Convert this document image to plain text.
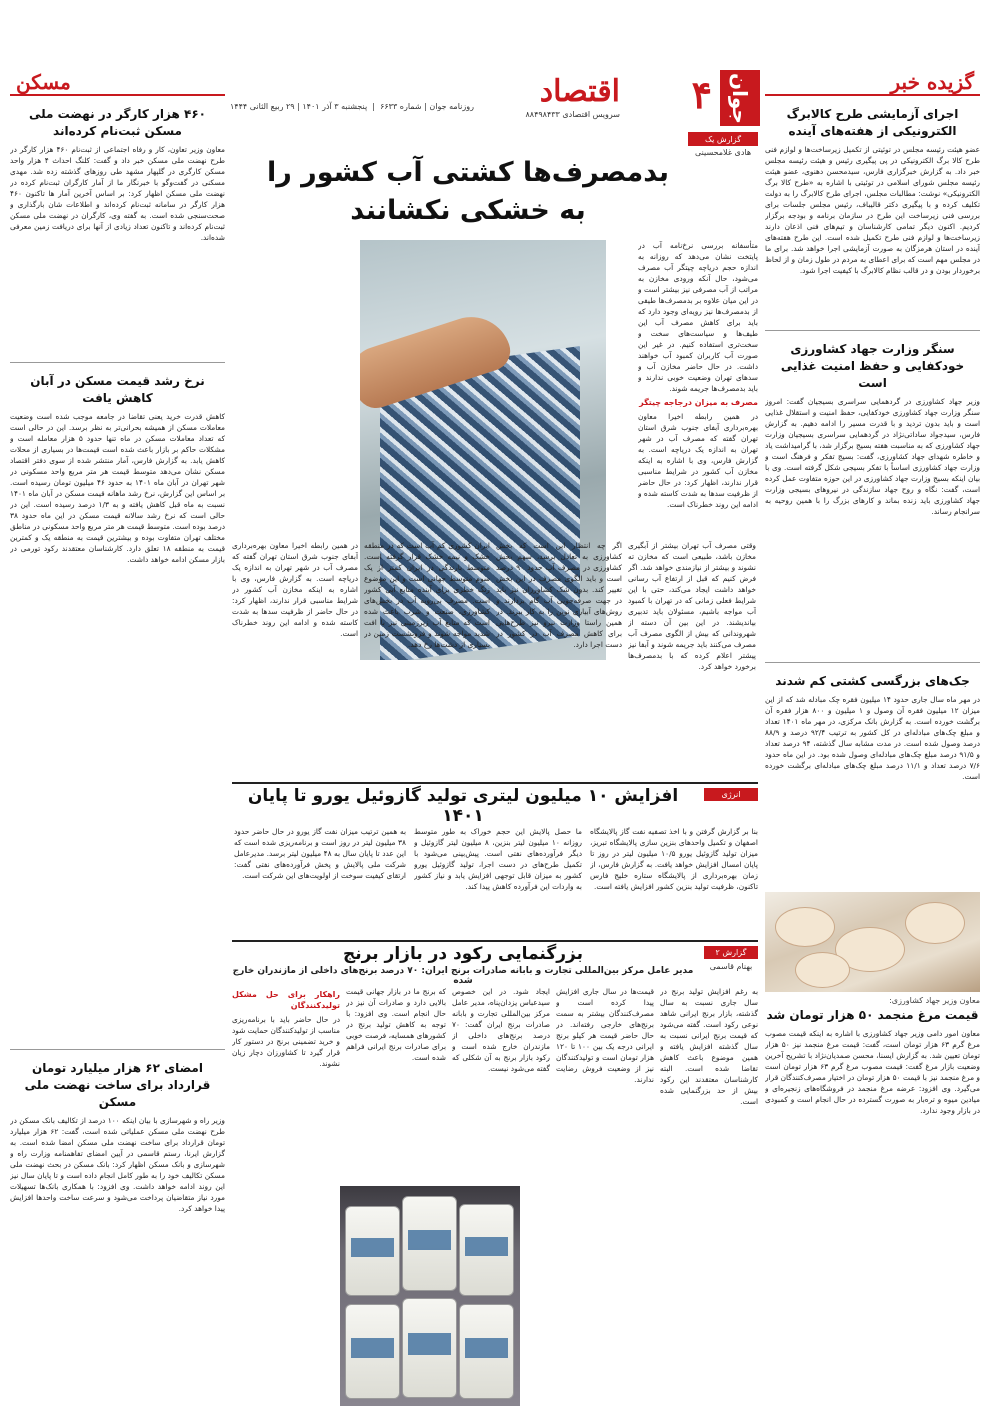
جوان
۴
اقتصاد
روزنامه جوان | شماره ۶۶۳۳  |  پنجشنبه ۳ آذر ۱۴۰۱ | ۲۹ ربیع الثانی ۱۴۴۴
سرویس اقتصادی ۸۸۴۹۸۴۳۳
گزیده خبر
اجرای آزمایشی طرح کالابرگ الکترونیکی از هفته‌های آینده
عضو هیئت رئیسه مجلس در توئیتی از تکمیل زیرساخت‌ها و لوازم فنی طرح کالا برگ الکترونیکی در پی پیگیری رئیس و هیئت رئیسه مجلس خبر داد. به گزارش خبرگزاری فارس، سیدمحسن دهنوی، عضو هیئت رئیسه مجلس شورای اسلامی در توئیتی با اشاره به «طرح کالا برگ الکترونیکی» نوشت: مطالبات مجلس، اجرای طرح کالابرگ را به دولت تکلیف کرده و با پیگیری دکتر قالیباف، رئیس مجلس جلسات برای بررسی فنی زیرساخت این طرح در سازمان برنامه و بودجه برگزار کردیم. اکنون دیگر تمامی کارشناسان و تیم‌های فنی اذعان دارند زیرساخت‌ها و لوازم فنی طرح تکمیل شده است. این طرح هفته‌های آینده در استان هرمزگان به صورت آزمایشی اجرا خواهد شد. برای ما در مجلس مهم است که برای اعطای به مردم در طول زمان و از لحاظ برخوردار بودن و در قالب نظام کالابرگ با کیفیت اجرا شود.
سنگر وزارت جهاد کشاورزی خودکفایی و حفظ امنیت غذایی است
وزیر جهاد کشاورزی در گردهمایی سراسری بسیجیان گفت: امروز سنگر وزارت جهاد کشاورزی خودکفایی، حفظ امنیت و استقلال غذایی است و باید بدون تردید و با قدرت مسیر را ادامه دهیم. به گزارش فارس، سیدجواد ساداتی‌نژاد در گردهمایی سراسری بسیجیان وزارت جهاد کشاورزی که به مناسبت هفته بسیج برگزار شد، با گرامیداشت یاد و خاطره شهدای جهاد کشاورزی، گفت: بسیج تفکر و فرهنگ است و وزارت جهاد کشاورزی اساساً با تفکر بسیجی شکل گرفته است. وی با بیان اینکه بسیج وزارت جهاد کشاورزی در این حوزه متفاوت عمل کرده است، گفت: نگاه و روح جهاد سازندگی در نیروهای بسیجی وزارت جهاد کشاورزی باید زنده بماند و کارهای بزرگ را با همین روحیه به سرانجام رساند.
جک‌های بزرگسی کشتی کم شدند
در مهر ماه سال جاری حدود ۱۴ میلیون فقره چک مبادله شد که از این میزان ۱۲ میلیون فقره آن وصول و ۱ میلیون و ۸۰۰ هزار فقره آن برگشت خورده است. به گزارش بانک مرکزی، در مهر ماه ۱۴۰۱ تعداد و مبلغ چک‌های مبادله‌ای در کل کشور به ترتیب ۹۲/۴ درصد و ۸۸/۹ درصد وصول شده است. در مدت مشابه سال گذشته، ۹۴ درصد تعداد و ۹۱/۵ درصد مبلغ چک‌های مبادله‌ای وصول شده بود. در این ماه حدود ۷/۶ درصد تعداد و ۱۱/۱ درصد مبلغ چک‌های مبادله‌ای برگشت خورده است.
معاون وزیر جهاد کشاورزی:
قیمت مرغ منجمد ۵۰ هزار تومان شد
معاون امور دامی وزیر جهاد کشاورزی با اشاره به اینکه قیمت مصوب مرغ گرم ۶۳ هزار تومان است، گفت: قیمت مرغ منجمد نیز ۵۰ هزار تومان تعیین شد. به گزارش ایسنا، محسن صمدیان‌نژاد با تشریح آخرین وضعیت بازار مرغ گفت: قیمت مصوب مرغ گرم ۶۳ هزار تومان است و مرغ منجمد نیز با قیمت ۵۰ هزار تومان در اختیار مصرف‌کنندگان قرار می‌گیرد. وی افزود: عرضه مرغ منجمد در فروشگاه‌های زنجیره‌ای و میادین میوه و تره‌بار به صورت گسترده در حال انجام است و کمبودی در بازار وجود ندارد.
مسکن
۴۶۰ هزار کارگر در نهضت ملی مسکن ثبت‌نام کرده‌اند
معاون وزیر تعاون، کار و رفاه اجتماعی از ثبت‌نام ۴۶۰ هزار کارگر در طرح نهضت ملی مسکن خبر داد و گفت: کلنگ احداث ۴ هزار واحد مسکن کارگری در گلپهار مشهد طی روزهای گذشته زده شد. مهدی مسکنی در گفت‌وگو با خبرنگار ما از آمار کارگران ثبت‌نام کرده در نهضت ملی مسکن اظهار کرد: بر اساس آخرین آمار ها تاکنون ۴۶۰ هزار کارگر در سامانه ثبت‌نام کرده‌اند و اطلاعات شان بارگذاری و صحت‌سنجی شده است. به گفته وی، کارگران در نهضت ملی مسکن ثبت‌نام کرده‌اند و تاکنون تعداد زیادی از آنها برای دریافت زمین معرفی شده‌اند.
نرخ رشد قیمت مسکن در آبان کاهش یافت
کاهش قدرت خرید یعنی تقاضا در جامعه موجب شده است وضعیت معاملات مسکن از همیشه بحرانی‌تر به نظر برسد. این در حالی است که تعداد معاملات مسکن در ماه تنها حدود ۵ هزار معامله است و مشکلات حاکم بر بازار باعث شده است قیمت‌ها در بسیاری از محلات کاهش یابد. به گزارش فارس، آمار منتشر شده از سوی دفتر اقتصاد مسکن نشان می‌دهد متوسط قیمت هر متر مربع واحد مسکونی در شهر تهران در آبان ماه ۱۴۰۱ به حدود ۴۶ میلیون تومان رسیده است. بر اساس این گزارش، نرخ رشد ماهانه قیمت مسکن در آبان ماه ۱۴۰۱ نسبت به ماه قبل کاهش یافته و به ۱/۳ درصد رسیده است. این در حالی است که نرخ رشد سالانه قیمت مسکن در این ماه حدود ۳۸ درصد بوده است. متوسط قیمت هر متر مربع واحد مسکونی در مناطق مختلف تهران متفاوت بوده و بیشترین قیمت به منطقه یک و کمترین قیمت به منطقه ۱۸ تعلق دارد. کارشناسان معتقدند رکود تورمی در بازار مسکن ادامه خواهد داشت.
امضای ۶۲ هزار میلیارد تومان قرارداد برای ساخت نهضت ملی مسکن
وزیر راه و شهرسازی با بیان اینکه ۱۰۰ درصد از تکالیف بانک مسکن در طرح نهضت ملی مسکن عملیاتی شده است، گفت: ۶۲ هزار میلیارد تومان قرارداد برای ساخت نهضت ملی مسکن امضا شده است. به گزارش ایرنا، رستم قاسمی در آیین امضای تفاهمنامه وزارت راه و شهرسازی و بانک مسکن اظهار کرد: بانک مسکن در بحث نهضت ملی مسکن تکالیف خود را به طور کامل انجام داده است و تا پایان سال نیز این روند ادامه خواهد داشت. وی افزود: با همکاری بانک‌ها تسهیلات مورد نیاز متقاضیان پرداخت می‌شود و سرعت ساخت واحدها افزایش پیدا خواهد کرد.
گزارش یک
هادی غلامحسینی
بدمصرف‌ها کشتی آب کشور را به خشکی نکشانند
متأسفانه بررسی نرخ‌نامه آب در پایتخت نشان می‌دهد که روزانه به اندازه حجم دریاچه چیتگر آب مصرف می‌شود، حال آنکه ورودی مخازن به مراتب از آب مصرفی نیز بیشتر است و در این میان علاوه بر بدمصرف‌ها طیفی از بدمصرف‌ها نیز رویه‌ای وجود دارد که باید برای کاهش مصرف آب این طیف‌ها و سیاست‌های سخت و سخت‌تری استفاده کنیم. در غیر این صورت آب کاربران کمبود آب خواهند داشت. در حال حاضر مخازن آب و سد‌های تهران وضعیت خوبی ندارند و باید بدمصرف‌ها جریمه شوند.
مصرف به میزان درجاجه چیتگر
در همین رابطه اخیرا معاون بهره‌برداری آبفای جنوب شرق استان تهران گفته که مصرف آب در شهر تهران به اندازه یک دریاچه است. به گزارش فارس، وی با اشاره به اینکه مخازن آب کشور در شرایط مناسبی قرار ندارند، اظهار کرد: در حال حاضر از ظرفیت سدها به شدت کاسته شده و ادامه این روند خطرناک است.
وقتی مصرف آب تهران بیشتر از آبگیری مخازن باشد، طبیعی است که مخازن ته نشوند و بیشتر از نیازمندی خواهد شد. اگر فرض کنیم که قبل از ارتفاع آب رسانی خواهد داشت ایجاد می‌کند، حتی با این شرایط فعلی زمانی که در تهران با کمبود آب مواجه باشیم، مسئولان باید تدبیری بیاندیشند. در این بین آن دسته از شهروندانی که بیش از الگوی مصرف آب مصرف می‌کنند باید جریمه شوند و آبفا نیز پیشتر اعلام کرده که با بدمصرف‌ها برخورد خواهد کرد.
اگر چه انتظار این است که بخش کشاورزی به تعادل برسد، سهم بخش کشاورزی در مصرف آب حدود ۹۰ درصد است و باید الگوی مصرف در این بخش تغییر کند. بدون شک کشاورزان نیز باید در جهت صرفه‌جویی آب گام بردارند و روش‌های آبیاری نوین را به کار ببرند. در همین راستا وزارت نیرو نیز طرح‌هایی برای کاهش مصرف آب در کشور در دست اجرا دارد.
ایران کشوری کم آب است که در منطقه خشک و نیمه خشک قرار گرفته است. متوسط بارندگی در ایران کمتر از یک سوم متوسط جهانی است و این موضوع زنگ خطری برای آینده منابع آبی کشور است. مصرف بی‌رویه آب در بخش‌های کشاورزی، صنعت و شرب باعث شده است که منابع آب زیرزمینی نیز با افت شدید مواجه شوند و فرونشست زمین در بسیاری از دشت‌ها رخ دهد.
در همین رابطه اخیرا معاون بهره‌برداری آبفای جنوب شرق استان تهران گفته که مصرف آب در شهر تهران به اندازه یک دریاچه است. به گزارش فارس، وی با اشاره به اینکه مخازن آب کشور در شرایط مناسبی قرار ندارند، اظهار کرد: در حال حاضر از ظرفیت سدها به شدت کاسته شده و ادامه این روند خطرناک است.
انرژی
افزایش ۱۰ میلیون لیتری تولید گازوئیل یورو تا پایان ۱۴۰۱
بنا بر گزارش گرفتن و با اخذ تصفیه نفت گاز پالایشگاه اصفهان و تکمیل واحدهای بنزین سازی پالایشگاه تبریز، میزان تولید گازوئیل یورو ۱۰/۵ میلیون لیتر در روز تا پایان امسال افزایش خواهد یافت. به گزارش فارس، از زمان بهره‌برداری از پالایشگاه ستاره خلیج فارس تاکنون، ظرفیت تولید بنزین کشور افزایش یافته است.
ما حصل پالایش این حجم خوراک به طور متوسط روزانه ۱۰ میلیون لیتر بنزین، ۸ میلیون لیتر گازوئیل و دیگر فرآورده‌های نفتی است. پیش‌بینی می‌شود با تکمیل طرح‌های در دست اجرا، تولید گازوئیل یورو کشور به میزان قابل توجهی افزایش یابد و نیاز کشور به واردات این فرآورده کاهش پیدا کند.
به همین ترتیب میزان نفت گاز یورو در حال حاضر حدود ۳۸ میلیون لیتر در روز است و برنامه‌ریزی شده است که این عدد تا پایان سال به ۴۸ میلیون لیتر برسد. مدیرعامل شرکت ملی پالایش و پخش فرآورده‌های نفتی گفت: ارتقای کیفیت سوخت از اولویت‌های این شرکت است.
گزارش ۲
بهنام قاسمی
بزرگنمایی رکود در بازار برنج
مدیر عامل مرکز بین‌المللی تجارت و بابانه صادرات برنج ایران: ۷۰ درصد برنج‌های داخلی از مازندران خارج شده
به رغم افزایش تولید برنج در سال جاری نسبت به سال گذشته، بازار برنج ایرانی شاهد نوعی رکود است. گفته می‌شود که قیمت برنج ایرانی نسبت به سال گذشته افزایش یافته و همین موضوع باعث کاهش تقاضا شده است. البته کارشناسان معتقدند این رکود بیش از حد بزرگنمایی شده است.
قیمت‌ها در سال جاری افزایش پیدا کرده است و مصرف‌کنندگان بیشتر به سمت برنج‌های خارجی رفته‌اند. در حال حاضر قیمت هر کیلو برنج ایرانی درجه یک بین ۱۰۰ تا ۱۲۰ هزار تومان است و تولیدکنندگان نیز از وضعیت فروش رضایت ندارند.
ایجاد شود. در این خصوص سیدعباس یزدان‌پناه، مدیر عامل مرکز بین‌المللی تجارت و بابانه صادرات برنج ایران گفت: ۷۰ درصد برنج‌های داخلی از مازندران خارج شده است و رکود بازار برنج به آن شکلی که گفته می‌شود نیست.
که برنج ما در بازار جهانی قیمت بالایی دارد و صادرات آن نیز در حال انجام است. وی افزود: با توجه به کاهش تولید برنج در کشورهای همسایه، فرصت خوبی برای صادرات برنج ایرانی فراهم شده است.
راهکار برای حل مشکل تولیدکنندگان
در حال حاضر باید با برنامه‌ریزی مناسب از تولیدکنندگان حمایت شود و خرید تضمینی برنج در دستور کار قرار گیرد تا کشاورزان دچار زیان نشوند.
